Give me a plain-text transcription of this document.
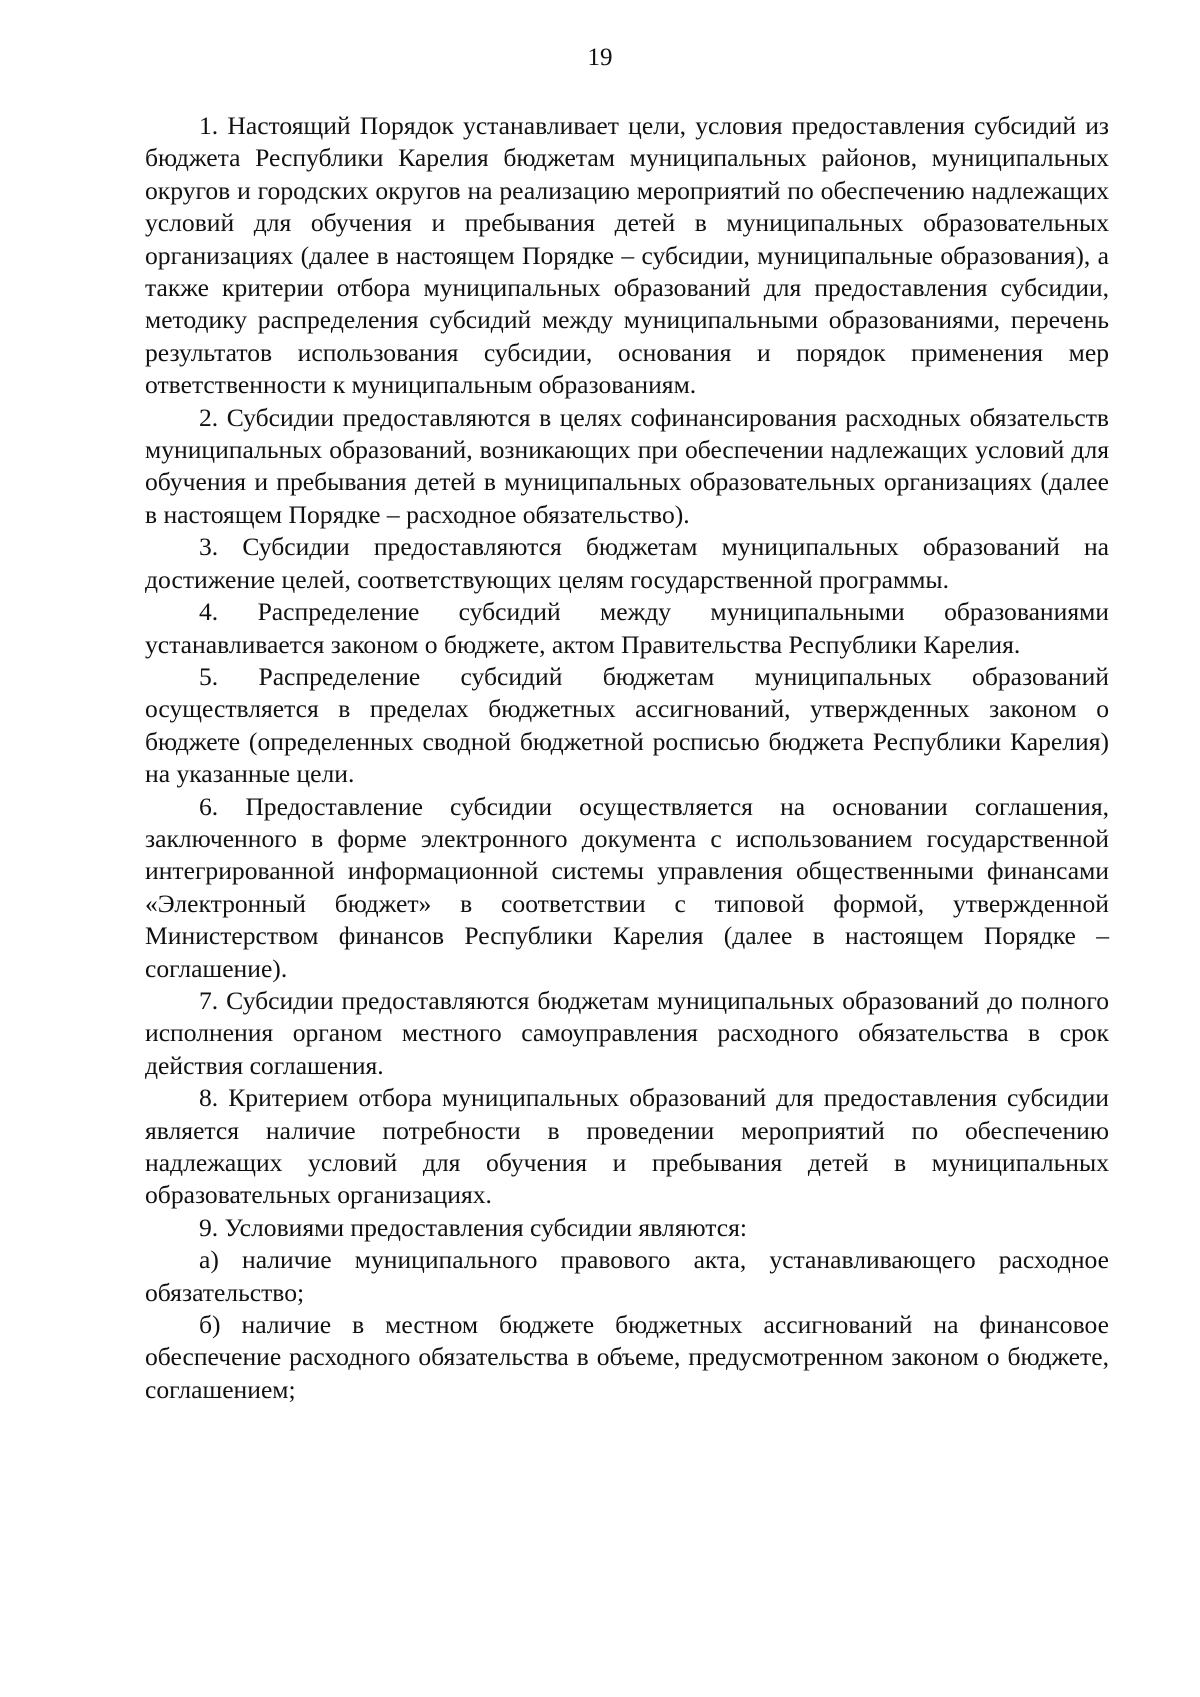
19

1. Настоящий Порядок устанавливает цели, условия предоставления субсидий из бюджета Республики Карелия бюджетам муниципальных районов, муниципальных округов и городских округов на реализацию мероприятий по обеспечению надлежащих условий для обучения и пребывания детей в муниципальных образовательных организациях (далее в настоящем Порядке – субсидии, муниципальные образования), а также критерии отбора муниципальных образований для предоставления субсидии, методику распределения субсидий между муниципальными образованиями, перечень результатов использования субсидии, основания и порядок применения мер ответственности к муниципальным образованиям.

2. Субсидии предоставляются в целях софинансирования расходных обязательств муниципальных образований, возникающих при обеспечении надлежащих условий для обучения и пребывания детей в муниципальных образовательных организациях (далее в настоящем Порядке – расходное обязательство).

3. Субсидии предоставляются бюджетам муниципальных образований на достижение целей, соответствующих целям государственной программы.

4. Распределение субсидий между муниципальными образованиями устанавливается законом о бюджете, актом Правительства Республики Карелия.

5. Распределение субсидий бюджетам муниципальных образований осуществляется в пределах бюджетных ассигнований, утвержденных законом о бюджете (определенных сводной бюджетной росписью бюджета Республики Карелия) на указанные цели.

6. Предоставление субсидии осуществляется на основании соглашения, заключенного в форме электронного документа с использованием государственной интегрированной информационной системы управления общественными финансами «Электронный бюджет» в соответствии с типовой формой, утвержденной Министерством финансов Республики Карелия (далее в настоящем Порядке – соглашение).

7. Субсидии предоставляются бюджетам муниципальных образований до полного исполнения органом местного самоуправления расходного обязательства в срок действия соглашения.

8. Критерием отбора муниципальных образований для предоставления субсидии является наличие потребности в проведении мероприятий по обеспечению надлежащих условий для обучения и пребывания детей в муниципальных образовательных организациях.

9. Условиями предоставления субсидии являются:

а) наличие муниципального правового акта, устанавливающего расходное обязательство;

б) наличие в местном бюджете бюджетных ассигнований на финансовое обеспечение расходного обязательства в объеме, предусмотренном законом о бюджете, соглашением;
